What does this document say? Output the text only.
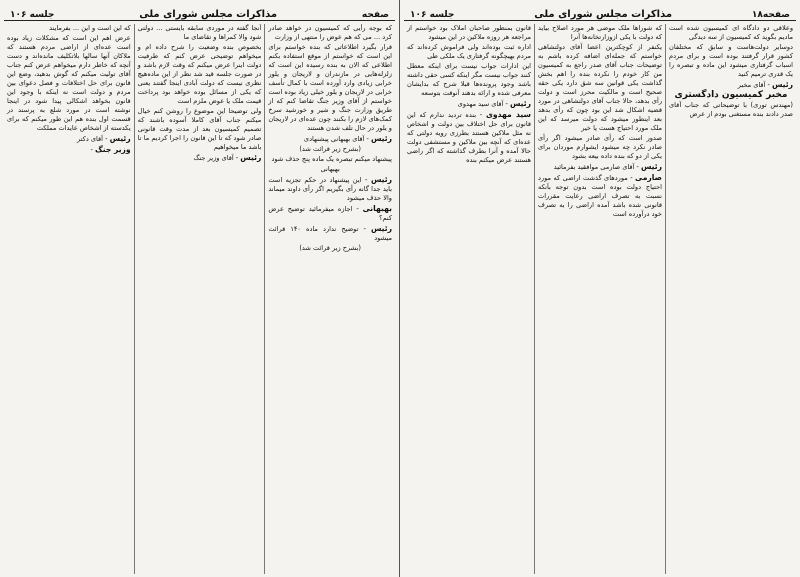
صفحه
مذاکرات مجلس شورای ملی
جلسه ۱۰۶

که بوجه رأیی که کمیسیون در خواهد صادر کرد ... می که هم عوض را منتهی از وزارت

قرار بگیرد اطلاعاتی که بنده خواستم برای این است که خواستم از موقع استفاده بکنم اطلاعی که الان به بنده رسیده این است که زلزله‌هایی در مازندران و لاریجان و یلور خرابی زیادی وارد آورده است با کمال تأسف خرابی در لاریجان و یلور خیلی زیاد بوده است خواستم از آقای وزیر جنگ تقاضا کنم که از طریق وزارت جنگ و شیر و خورشید سرخ کمک‌های لازم را بکنند چون عده‌ای در لاریجان و یلور در حال تلف شدن هستند

رئیس - آقای بهبهانی پیشنهادی

(بشرح زیر قرائت شد)

پیشنهاد میکنم تبصره یک ماده پنج حذف شود

بهبهانی

رئیس - این پیشنهاد در حکم تجزیه است باید جدا گانه رأی بگیریم اگر رأی داوند میماند والا حذف میشود

بهبهانی - اجازه میفرمائید توضیح عرض کنم؟

رئیس - توضیح ندارد ماده ۱۴۰ قرائت میشود

(بشرح زیر قرائت شد)

آنجا گفته در موردی سابقه بایستی ... دولتی شود والا کمراها و تقاضای ما

بخصوص بنده وضعیت را شرح داده ام و میخواهم توضیحی عرض کنم که طرفیت دولت اینرا عرض میکنم که وقت لازم باشد و در صورت جلسه قید شد نظر از این ماده‌هیچ نظری نیست که دولت آبادی اینجا گفتند یعنی که یکی از مسائل بوده خواهد بود پرداخت قیمت ملک یا عوض ملزم است

ولی توضیحا این موضوع را روشن کنم خیال میکنم جناب آقای کاملا آسوده باشند که تصمیم کمیسیون بعد از مدت وقت قانونی صادر شود که تا این قانون را اجرا کردیم ما تا باشد ما میخواهیم

رئیس - آقای وزیر جنگ

که این است و این ... بفرمایند

عرض اهم این است که مشکلات زیاد بوده است عده‌ای از اراضی مردم هستند که ملاکان آنها سالها بلاتکلیف مانده‌اند و دست آنچه که خاطر دارم میخواهم عرض کنم جناب آقای تولیت میکنم که گوش بدهید، وضع این قانون برای حل اختلافات و فصل دعوای بین مردم و دولت است نه اینکه با وجود این قانون بخواهد اشکالی پیدا شود در اینجا نوشته است در مورد شلع به پرسند در قسمت اول بنده هم این طور میکنم که برای یکدسته از اشخاص عایدات مملکت

رئیس - آقای دکتر

وزیر جنگ -

صفحه۱۸
مذاکرات مجلس شورای ملی
جلسه ۱۰۶

وعلاقی دو دادگاه ای کمیسیون شده است مادیم بگوید که کمیسیون از سه دیدگی

دوسایر دولت‌هاست و سابق که مختلفان کشور قرار گرفتند بوده است و برای مردم اسباب گرفتاری میشود این ماده و تبصره را یک قدری ترمیم کنید

رئیس - آقای مخبر

مخبر کمیسیون دادگستری

(مهندس توری) با توضیحاتی که جناب آقای صدر دادند بنده مستغنی بودم از عرض

که شوراها ملک موضی هر مورد اصلاح بیاید که دولت با یکی ازوزارتخانه‌ها آنرا

یکنفر از کوچکترین اعضا آقای دولتشاهی خواستم که جمله‌ای اضافه کرده باشم به توضیحات جناب آقای صدر راجع به کمیسیون من کار خودم را نکرده بنده را اهم بخش گذاشت یکی قوانین سه شق دارد یکی حقه صحیح است و مالکیت محرز است و دولت رأی بدهد، حالا جناب آقای دولتشاهی در مورد قضیه اشکال شد این بود چون که رأی بدهد بعد اینطور میشود که دولت میرسد که این ملک مورد احتیاج هست یا خیر

صدور است که رأی صادر میشود اگر رأی صادر نکرد چه میشود ایشوارم موردان برای یکی از دو که بنده داده بیعه بشود

رئیس - آقای صارمی موافقید بفرمائید

صارمی - موردهای گذشت اراضی که مورد احتیاج دولت بوده است بدون توجه بآنکه نسبت به تصرف اراضی رعایت مقررات قانونی شده باشد آمده اراضی را به تصرف خود درآورده است

قانون بمنظور صاحبان املاک بود خواستم از مراجعه هر روزه ملاکین در این میشود

اداره ثبت بوده‌اند ولی فراموش کرده‌اند که مردم بهیچگونه گرفتاری یک ملکی طی

این ادارات جواب نیست برای اینکه معطل کنند جواب نیست مگر اینکه کسی حقی داشته باشد وجود پرونده‌ها قبلا شرح که بدایشان معرفی شده و ارائه بدهند آنوقت بتوسعه

رئیس - آقای سید مهدوی

سید مهدوی - بنده تردید ندارم که این قانون برای حل اختلاف بین دولت و اشخاص نه مثل ملاکین هستند بطرزی رویه دولتی که عده‌ای که آنچه بین ملاکین و مستشفی دولت حالا آمده و آنرا بطرف گذاشته که اگر راضی هستند عرض میکنم بنده
